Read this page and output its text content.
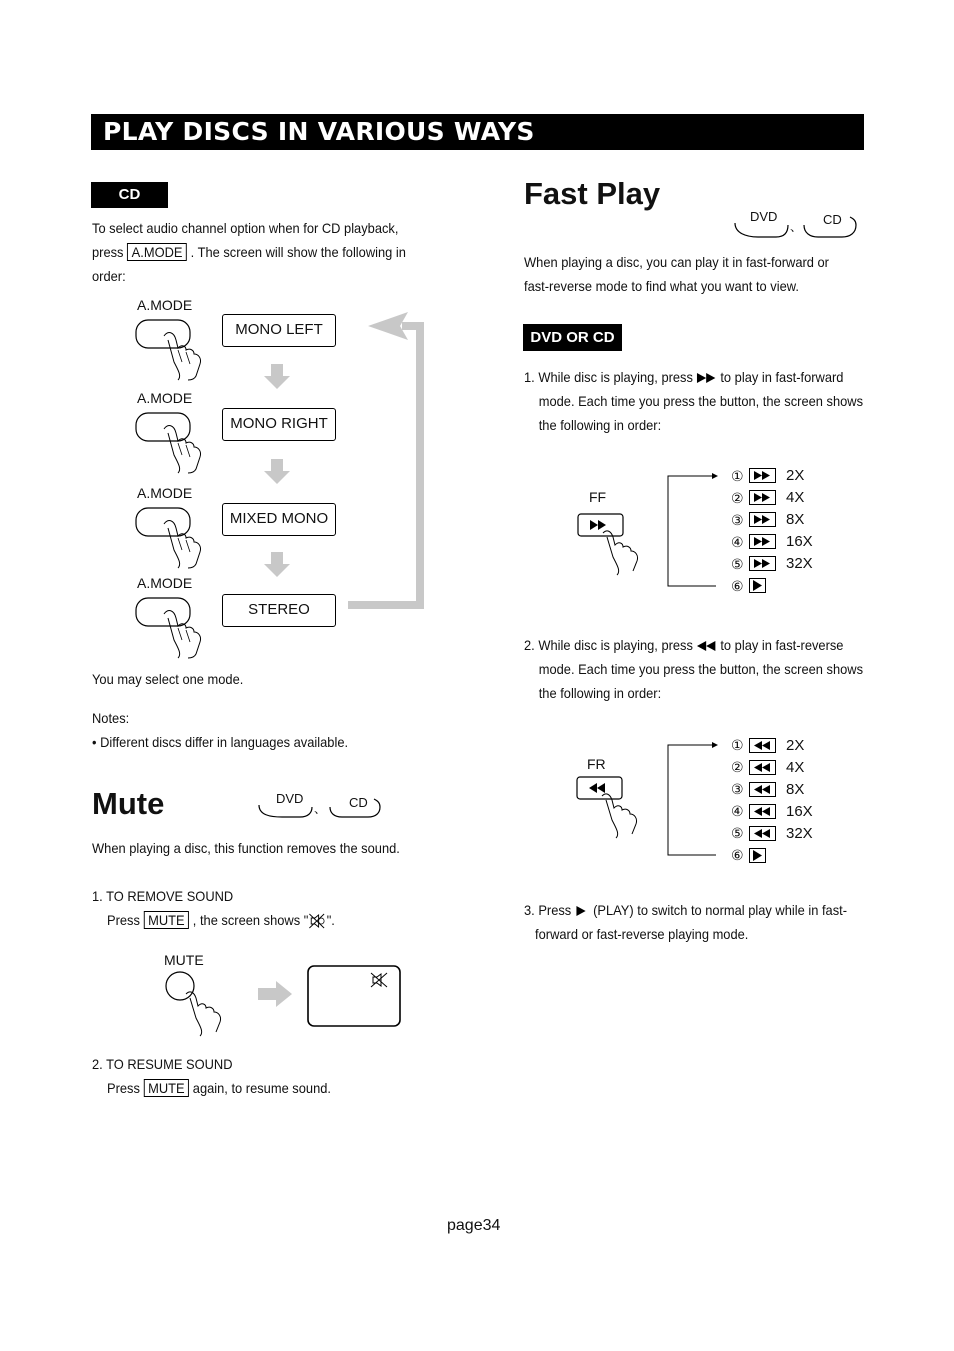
PLAY DISCS IN VARIOUS WAYS
CD
To select audio channel option when for CD playback,
press A.MODE . The screen will show the following in
order:
A.MODE
A.MODE
A.MODE
A.MODE
MONO LEFT
MONO RIGHT
MIXED MONO
STEREO
You may select one mode.
Notes:
• Different discs differ in languages available.
Mute	DVD
、 CD
When playing a disc, this function removes the sound.
1. TO REMOVE SOUND
Press MUTE , the screen shows " ".
MUTE
2. TO RESUME SOUND
Press MUTE again, to resume sound.
Fast Play
DVD
、 CD
When playing a disc, you can play it in fast-forward or
fast-reverse mode to find what you want to view.
DVD OR CD
1. While disc is playing, press to play in fast-forward
mode. Each time you press the button, the screen shows
the following in order:
FF
①
②
③
④
⑤
⑥
2X
4X
8X
16X
32X
2. While disc is playing, press to play in fast-reverse
mode. Each time you press the button, the screen shows
the following in order:
FR
①
②
③
④
⑤
⑥
2X
4X
8X
16X
32X
3. Press (PLAY) to switch to normal play while in fast-
forward or fast-reverse playing mode.
page34
